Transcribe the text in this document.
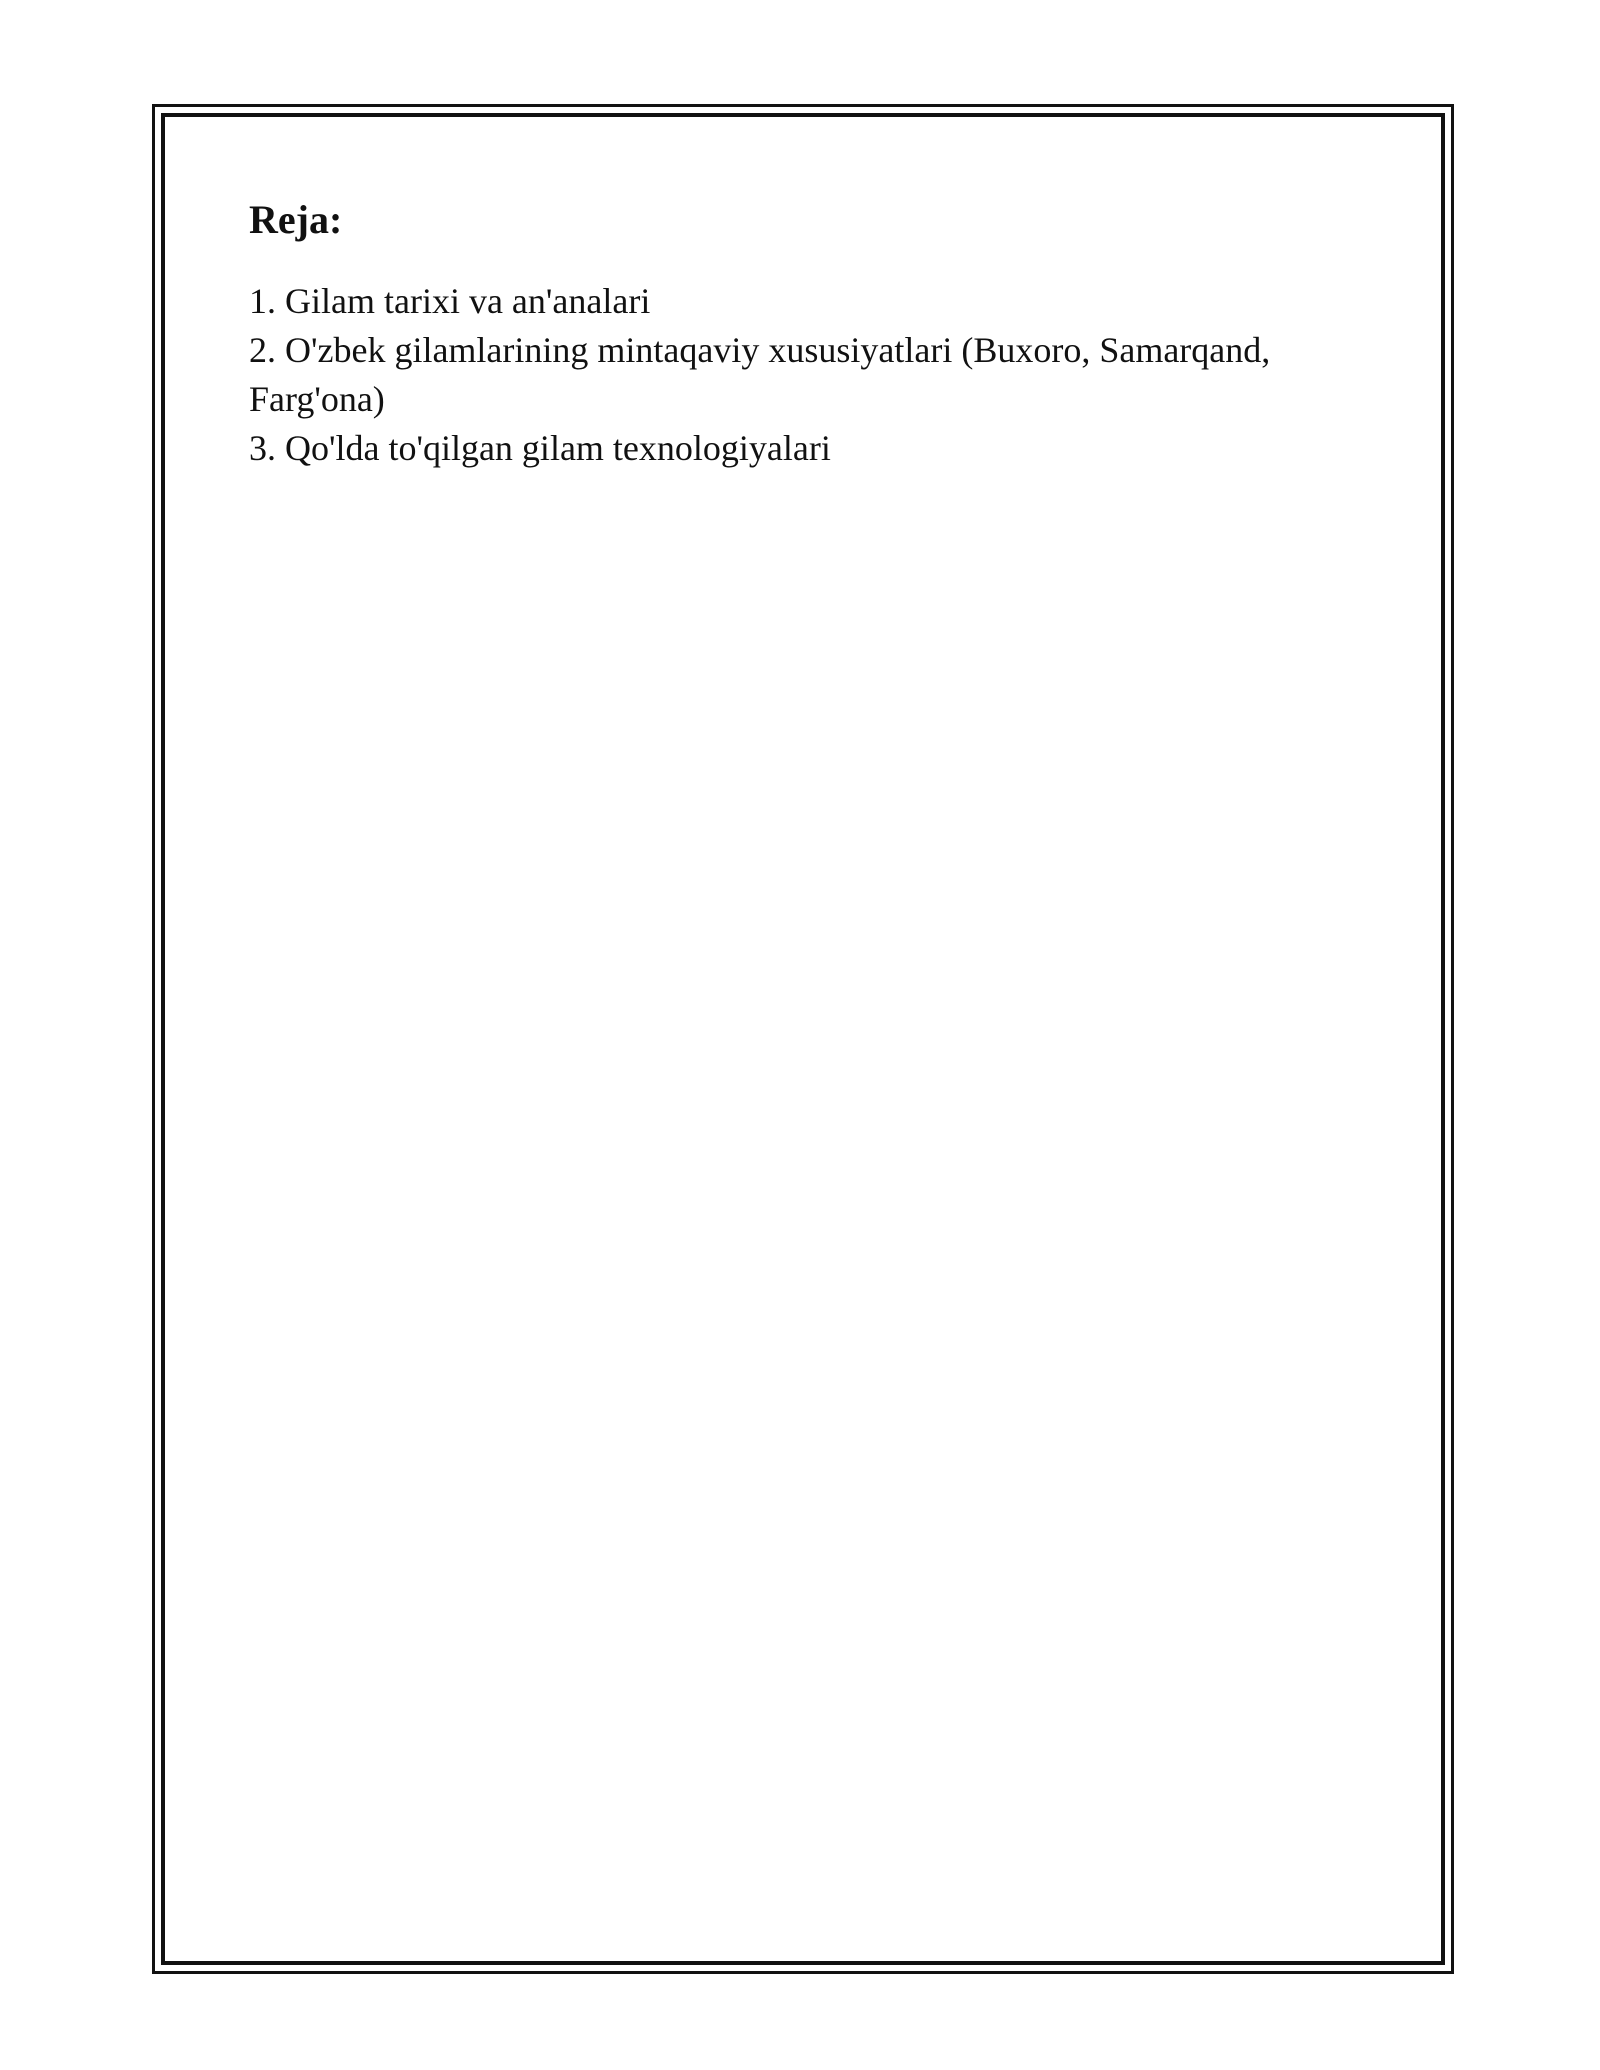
Reja:
1. Gilam tarixi va an'analari
2. O'zbek gilamlarining mintaqaviy xususiyatlari (Buxoro, Samarqand, Farg'ona)
3. Qo'lda to'qilgan gilam texnologiyalari
